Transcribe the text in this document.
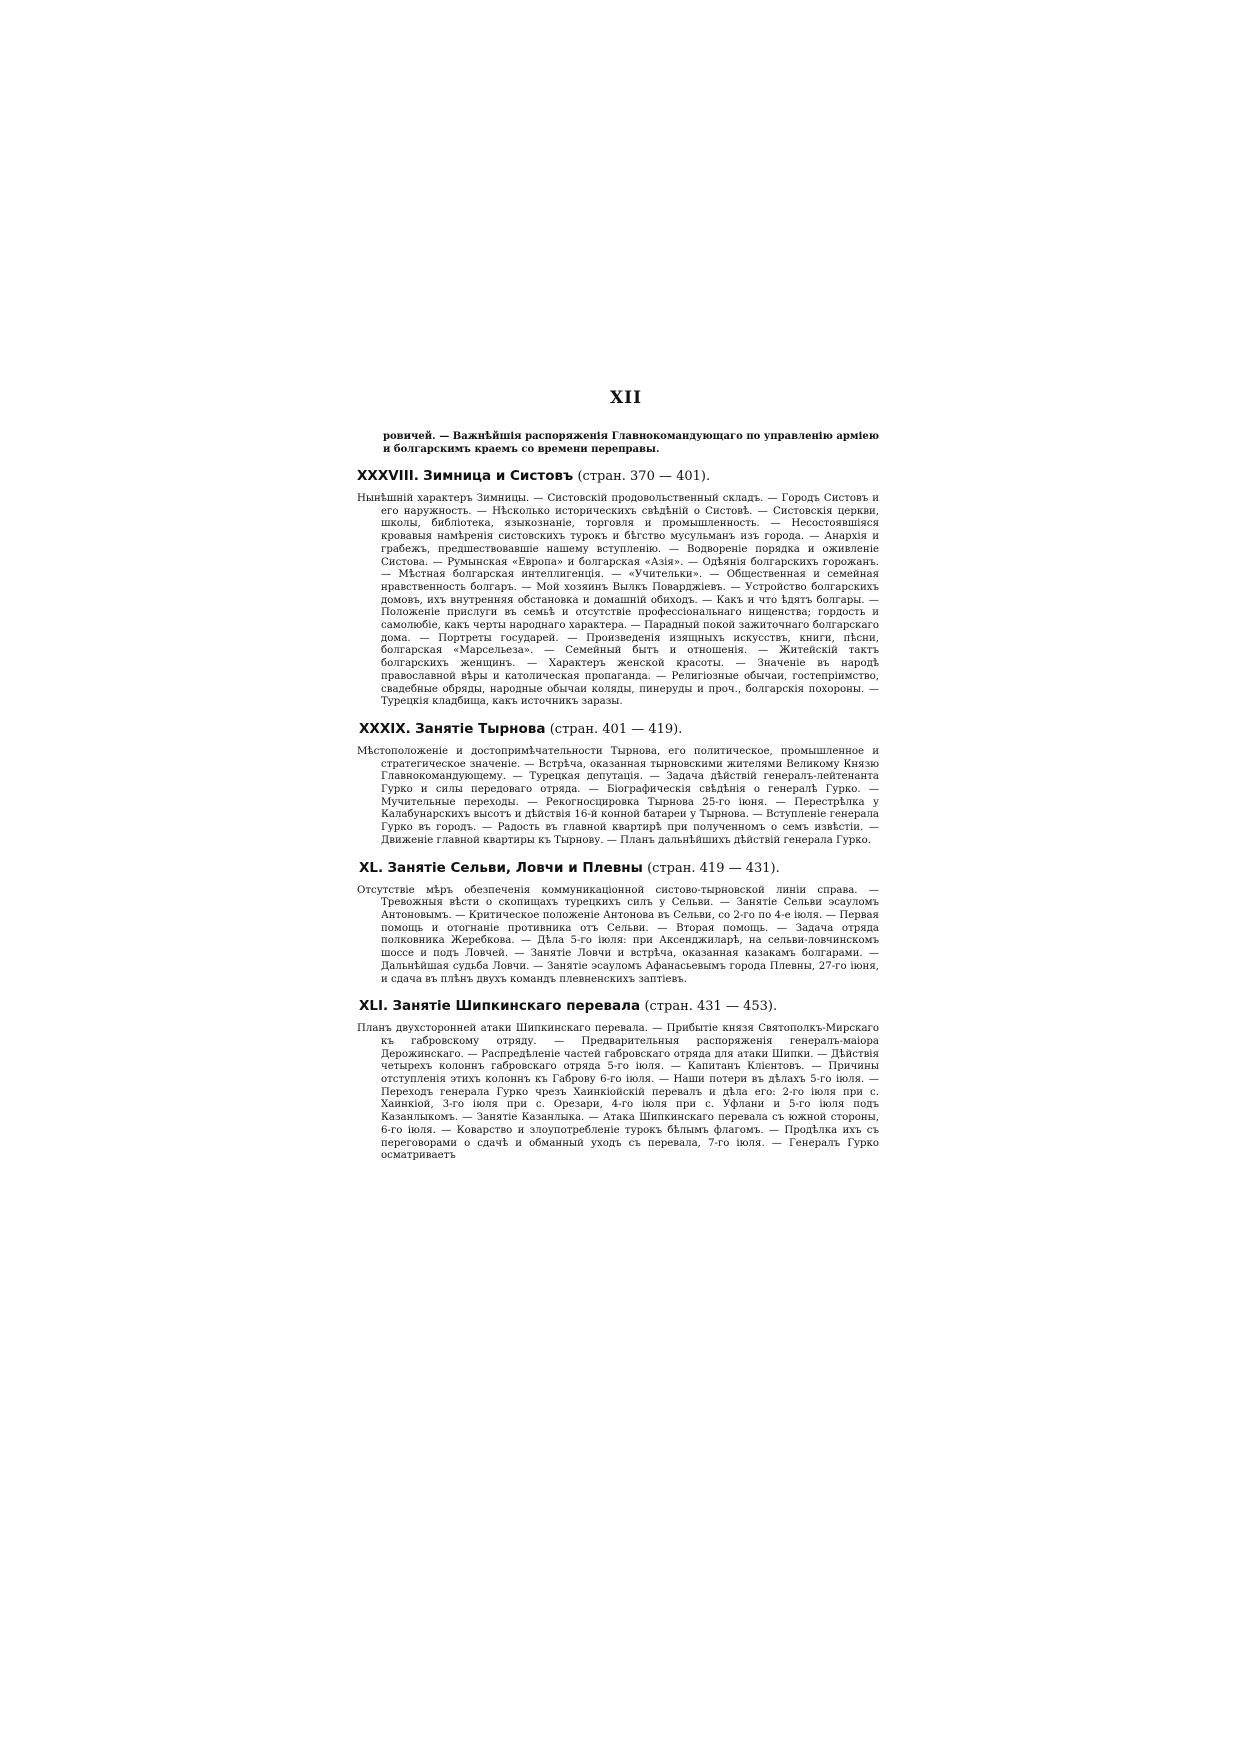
XII
ровичей. — Важнѣйшія распоряженія Главнокомандующаго по управленію арміею и болгарскимъ краемъ со времени переправы.
XXXVIII. Зимница и Систовъ (стран. 370 — 401).
Нынѣшній характеръ Зимницы. — Систовскій продовольственный складъ. — Городъ Систовъ и его наружность. — Нѣсколько историческихъ свѣдѣній о Систовѣ. — Систовскія церкви, школы, библіотека, языкознаніе, торговля и промышленность. — Несостоявшіяся кровавыя намѣренія систовскихъ турокъ и бѣгство мусульманъ изъ города. — Анархія и грабежъ, предшествовавшіе нашему вступленію. — Водвореніе порядка и оживленіе Систова. — Румынская «Европа» и болгарская «Азія». — Одѣянія болгарскихъ горожанъ. — Мѣстная болгарская интеллигенція. — «Учительки». — Общественная и семейная нравственность болгаръ. — Мой хозяинъ Вылкъ Поварджіевъ. — Устройство болгарскихъ домовъ, ихъ внутренняя обстановка и домашній обиходъ. — Какъ и что ѣдятъ болгары. — Положеніе прислуги въ семьѣ и отсутствіе профессіональнаго нищенства; гордость и самолюбіе, какъ черты народнаго характера. — Парадный покой зажиточнаго болгарскаго дома. — Портреты государей. — Произведенія изящныхъ искусствъ, книги, пѣсни, болгарская «Марсельеза». — Семейный бытъ и отношенія. — Житейскій тактъ болгарскихъ женщинъ. — Характеръ женской красоты. — Значеніе въ народѣ православной вѣры и католическая пропаганда. — Религіозные обычаи, гостепріимство, свадебные обряды, народные обычаи коляды, пинеруды и проч., болгарскія похороны. — Турецкія кладбища, какъ источникъ заразы.
XXXIX. Занятіе Тырнова (стран. 401 — 419).
Мѣстоположеніе и достопримѣчательности Тырнова, его политическое, промышленное и стратегическое значеніе. — Встрѣча, оказанная тырновскими жителями Великому Князю Главнокомандующему. — Турецкая депутація. — Задача дѣйствій генералъ-лейтенанта Гурко и силы передоваго отряда. — Біографическія свѣдѣнія о генералѣ Гурко. — Мучительные переходы. — Рекогносцировка Тырнова 25-го іюня. — Перестрѣлка у Калабунарскихъ высотъ и дѣйствія 16-й конной батареи у Тырнова. — Вступленіе генерала Гурко въ городъ. — Радость въ главной квартирѣ при полученномъ о семъ извѣстіи. — Движеніе главной квартиры къ Тырнову. — Планъ дальнѣйшихъ дѣйствій генерала Гурко.
XL. Занятіе Сельви, Ловчи и Плевны (стран. 419 — 431).
Отсутствіе мѣръ обезпеченія коммуникаціонной систово-тырновской линіи справа. — Тревожныя вѣсти о скопищахъ турецкихъ силъ у Сельви. — Занятіе Сельви эсауломъ Антоновымъ. — Критическое положеніе Антонова въ Сельви, со 2-го по 4-е іюля. — Первая помощь и отогнаніе противника отъ Сельви. — Вторая помощь. — Задача отряда полковника Жеребкова. — Дѣла 5-го іюля: при Аксенджиларѣ, на сельви-ловчинскомъ шоссе и подъ Ловчей. — Занятіе Ловчи и встрѣча, оказанная казакамъ болгарами. — Дальнѣйшая судьба Ловчи. — Занятіе эсауломъ Афанасьевымъ города Плевны, 27-го іюня, и сдача въ плѣнъ двухъ командъ плевненскихъ заптіевъ.
XLI. Занятіе Шипкинскаго перевала (стран. 431 — 453).
Планъ двухсторонней атаки Шипкинскаго перевала. — Прибытіе князя Святополкъ-Мирскаго къ габровскому отряду. — Предварительныя распоряженія генералъ-маіора Дерожинскаго. — Распредѣленіе частей габровскаго отряда для атаки Шипки. — Дѣйствія четырехъ колоннъ габровскаго отряда 5-го іюля. — Капитанъ Клієнтовъ. — Причины отступленія этихъ колоннъ къ Габрову 6-го іюля. — Наши потери въ дѣлахъ 5-го іюля. — Переходъ генерала Гурко чрезъ Хаинкіойскій перевалъ и дѣла его: 2-го іюля при с. Хаинкіой, 3-го іюля при с. Орезари, 4-го іюля при с. Уфлани и 5-го іюля подъ Казанлыкомъ. — Занятіе Казанлыка. — Атака Шипкинскаго перевала съ южной стороны, 6-го іюля. — Коварство и злоупотребленіе турокъ бѣлымъ флагомъ. — Продѣлка ихъ съ переговорами о сдачѣ и обманный уходъ съ перевала, 7-го іюля. — Генералъ Гурко осматриваетъ
